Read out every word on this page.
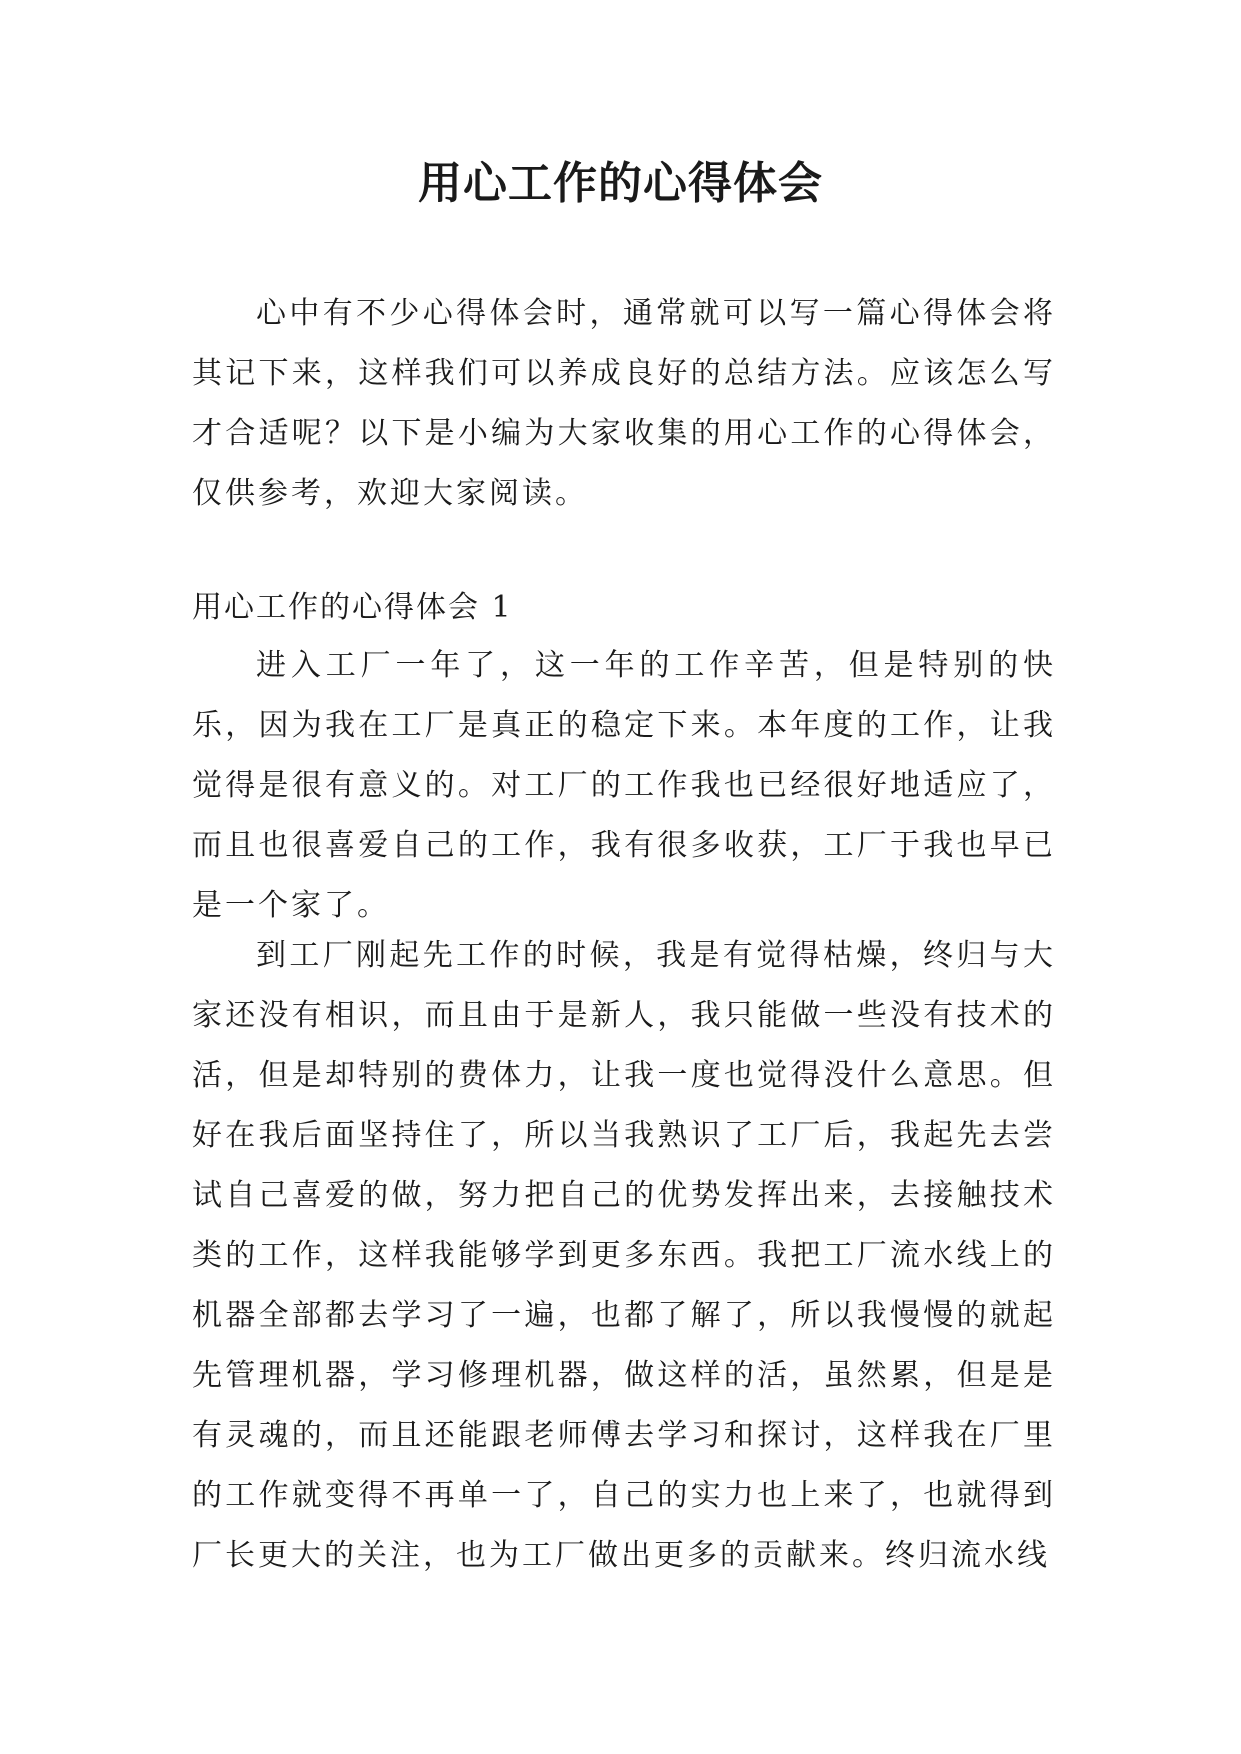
用心工作的心得体会

心中有不少心得体会时，通常就可以写一篇心得体会将其记下来，这样我们可以养成良好的总结方法。应该怎么写才合适呢？以下是小编为大家收集的用心工作的心得体会，仅供参考，欢迎大家阅读。

用心工作的心得体会 1

进入工厂一年了，这一年的工作辛苦，但是特别的快乐，因为我在工厂是真正的稳定下来。本年度的工作，让我觉得是很有意义的。对工厂的工作我也已经很好地适应了，而且也很喜爱自己的工作，我有很多收获，工厂于我也早已是一个家了。

到工厂刚起先工作的时候，我是有觉得枯燥，终归与大家还没有相识，而且由于是新人，我只能做一些没有技术的活，但是却特别的费体力，让我一度也觉得没什么意思。但好在我后面坚持住了，所以当我熟识了工厂后，我起先去尝试自己喜爱的做，努力把自己的优势发挥出来，去接触技术类的工作，这样我能够学到更多东西。我把工厂流水线上的机器全部都去学习了一遍，也都了解了，所以我慢慢的就起先管理机器，学习修理机器，做这样的活，虽然累，但是是有灵魂的，而且还能跟老师傅去学习和探讨，这样我在厂里的工作就变得不再单一了，自己的实力也上来了，也就得到厂长更大的关注，也为工厂做出更多的贡献来。终归流水线
